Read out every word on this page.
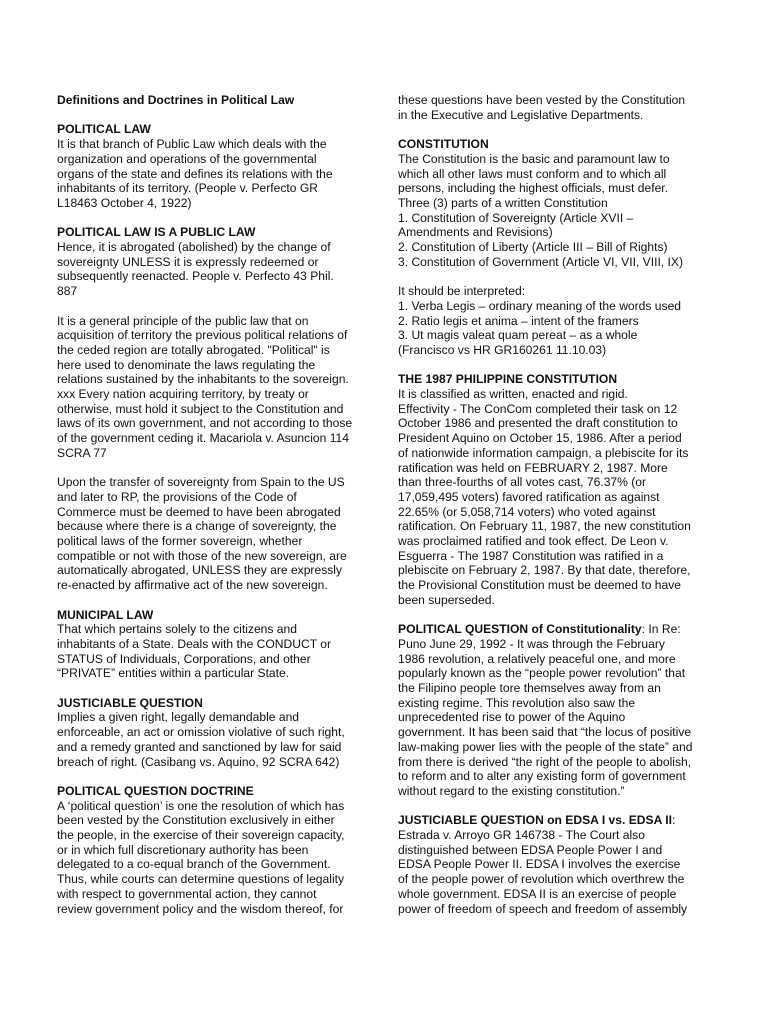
Definitions and Doctrines in Political Law
POLITICAL LAW
It is that branch of Public Law which deals with the
organization and operations of the governmental
organs of the state and defines its relations with the
inhabitants of its territory. (People v. Perfecto GR
L18463 October 4, 1922)
POLITICAL LAW IS A PUBLIC LAW
Hence, it is abrogated (abolished) by the change of
sovereignty UNLESS it is expressly redeemed or
subsequently reenacted. People v. Perfecto 43 Phil.
887
It is a general principle of the public law that on
acquisition of territory the previous political relations of
the ceded region are totally abrogated. "Political" is
here used to denominate the laws regulating the
relations sustained by the inhabitants to the sovereign.
xxx Every nation acquiring territory, by treaty or
otherwise, must hold it subject to the Constitution and
laws of its own government, and not according to those
of the government ceding it. Macariola v. Asuncion 114
SCRA 77
Upon the transfer of sovereignty from Spain to the US
and later to RP, the provisions of the Code of
Commerce must be deemed to have been abrogated
because where there is a change of sovereignty, the
political laws of the former sovereign, whether
compatible or not with those of the new sovereign, are
automatically abrogated, UNLESS they are expressly
re-enacted by affirmative act of the new sovereign.
MUNICIPAL LAW
That which pertains solely to the citizens and
inhabitants of a State. Deals with the CONDUCT or
STATUS of Individuals, Corporations, and other
“PRIVATE” entities within a particular State.
JUSTICIABLE QUESTION
Implies a given right, legally demandable and
enforceable, an act or omission violative of such right,
and a remedy granted and sanctioned by law for said
breach of right. (Casibang vs. Aquino, 92 SCRA 642)
POLITICAL QUESTION DOCTRINE
A ‘political question’ is one the resolution of which has
been vested by the Constitution exclusively in either
the people, in the exercise of their sovereign capacity,
or in which full discretionary authority has been
delegated to a co-equal branch of the Government.
Thus, while courts can determine questions of legality
with respect to governmental action, they cannot
review government policy and the wisdom thereof, for
these questions have been vested by the Constitution
in the Executive and Legislative Departments.
CONSTITUTION
The Constitution is the basic and paramount law to
which all other laws must conform and to which all
persons, including the highest officials, must defer.
Three (3) parts of a written Constitution
1. Constitution of Sovereignty (Article XVII –
Amendments and Revisions)
2. Constitution of Liberty (Article III – Bill of Rights)
3. Constitution of Government (Article VI, VII, VIII, IX)
It should be interpreted:
1. Verba Legis – ordinary meaning of the words used
2. Ratio legis et anima – intent of the framers
3. Ut magis valeat quam pereat – as a whole
(Francisco vs HR GR160261 11.10.03)
THE 1987 PHILIPPINE CONSTITUTION
It is classified as written, enacted and rigid.
Effectivity - The ConCom completed their task on 12
October 1986 and presented the draft constitution to
President Aquino on October 15, 1986. After a period
of nationwide information campaign, a plebiscite for its
ratification was held on FEBRUARY 2, 1987. More
than three-fourths of all votes cast, 76.37% (or
17,059,495 voters) favored ratification as against
22.65% (or 5,058,714 voters) who voted against
ratification. On February 11, 1987, the new constitution
was proclaimed ratified and took effect. De Leon v.
Esguerra - The 1987 Constitution was ratified in a
plebiscite on February 2, 1987. By that date, therefore,
the Provisional Constitution must be deemed to have
been superseded.
POLITICAL QUESTION of Constitutionality: In Re:
Puno June 29, 1992 - It was through the February
1986 revolution, a relatively peaceful one, and more
popularly known as the “people power revolution” that
the Filipino people tore themselves away from an
existing regime. This revolution also saw the
unprecedented rise to power of the Aquino
government. It has been said that “the locus of positive
law-making power lies with the people of the state” and
from there is derived “the right of the people to abolish,
to reform and to alter any existing form of government
without regard to the existing constitution.”
JUSTICIABLE QUESTION on EDSA I vs. EDSA II:
Estrada v. Arroyo GR 146738 - The Court also
distinguished between EDSA People Power I and
EDSA People Power II. EDSA I involves the exercise
of the people power of revolution which overthrew the
whole government. EDSA II is an exercise of people
power of freedom of speech and freedom of assembly
